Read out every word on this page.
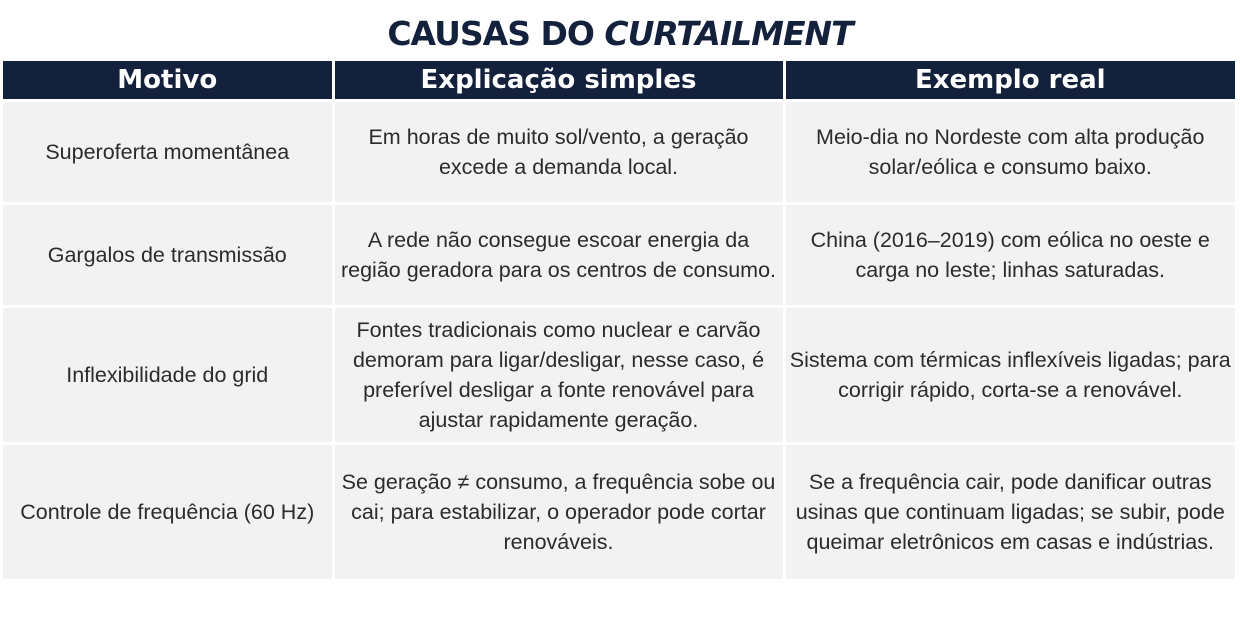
CAUSAS DO CURTAILMENT
Motivo	Explicação simples	Exemplo real
Superoferta momentânea	Em horas de muito sol/vento, a geração excede a demanda local.	Meio-dia no Nordeste com alta produção solar/eólica e consumo baixo.
Gargalos de transmissão	A rede não consegue escoar energia da região geradora para os centros de consumo.	China (2016–2019) com eólica no oeste e carga no leste; linhas saturadas.
Inflexibilidade do grid	Fontes tradicionais como nuclear e carvão demoram para ligar/desligar, nesse caso, é preferível desligar a fonte renovável para ajustar rapidamente geração.	Sistema com térmicas inflexíveis ligadas; para corrigir rápido, corta-se a renovável.
Controle de frequência (60 Hz)	Se geração ≠ consumo, a frequência sobe ou cai; para estabilizar, o operador pode cortar renováveis.	Se a frequência cair, pode danificar outras usinas que continuam ligadas; se subir, pode queimar eletrônicos em casas e indústrias.
